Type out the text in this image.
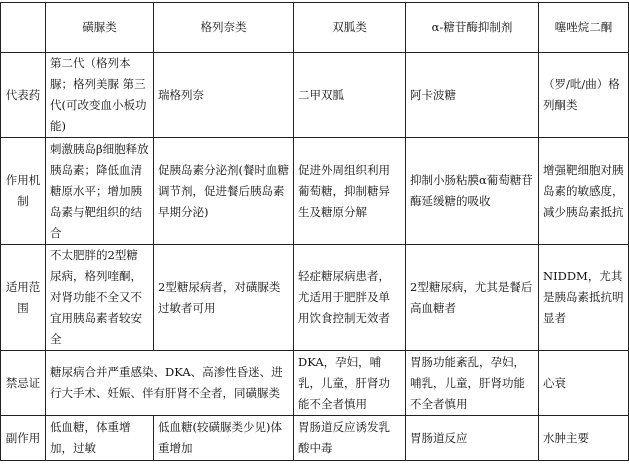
	磺脲类	格列奈类	双胍类	α-糖苷酶抑制剂	噻唑烷二酮
代表药	第二代（格列本脲；格列美脲 第三代(可改变血小板功能)	瑞格列奈	二甲双胍	阿卡波糖	（罗/吡/曲）格列酮类
作用机制	刺激胰岛β细胞释放胰岛素；降低血清糖原水平；增加胰岛素与靶组织的结合	促胰岛素分泌剂(餐时血糖调节剂，促进餐后胰岛素早期分泌)	促进外周组织利用葡萄糖，抑制糖异生及糖原分解	抑制小肠粘膜α葡萄糖苷酶延缓糖的吸收	增强靶细胞对胰岛素的敏感度，减少胰岛素抵抗
适用范围	不太肥胖的2型糖尿病，格列喹酮，对肾功能不全又不宜用胰岛素者较安全	2型糖尿病者，对磺脲类过敏者可用	轻症糖尿病患者，尤适用于肥胖及单用饮食控制无效者	2型糖尿病，尤其是餐后高血糖者	NIDDM，尤其是胰岛素抵抗明显者
禁忌证	糖尿病合并严重感染、DKA、高渗性昏迷、进行大手术、妊娠、伴有肝肾不全者，同磺脲类		DKA，孕妇，哺乳，儿童，肝肾功能不全者慎用	胃肠功能紊乱，孕妇，哺乳，儿童，肝肾功能不全者慎用	心衰
副作用	低血糖，体重增加，过敏	低血糖(较磺脲类少见)体重增加	胃肠道反应诱发乳酸中毒	胃肠道反应	水肿主要
